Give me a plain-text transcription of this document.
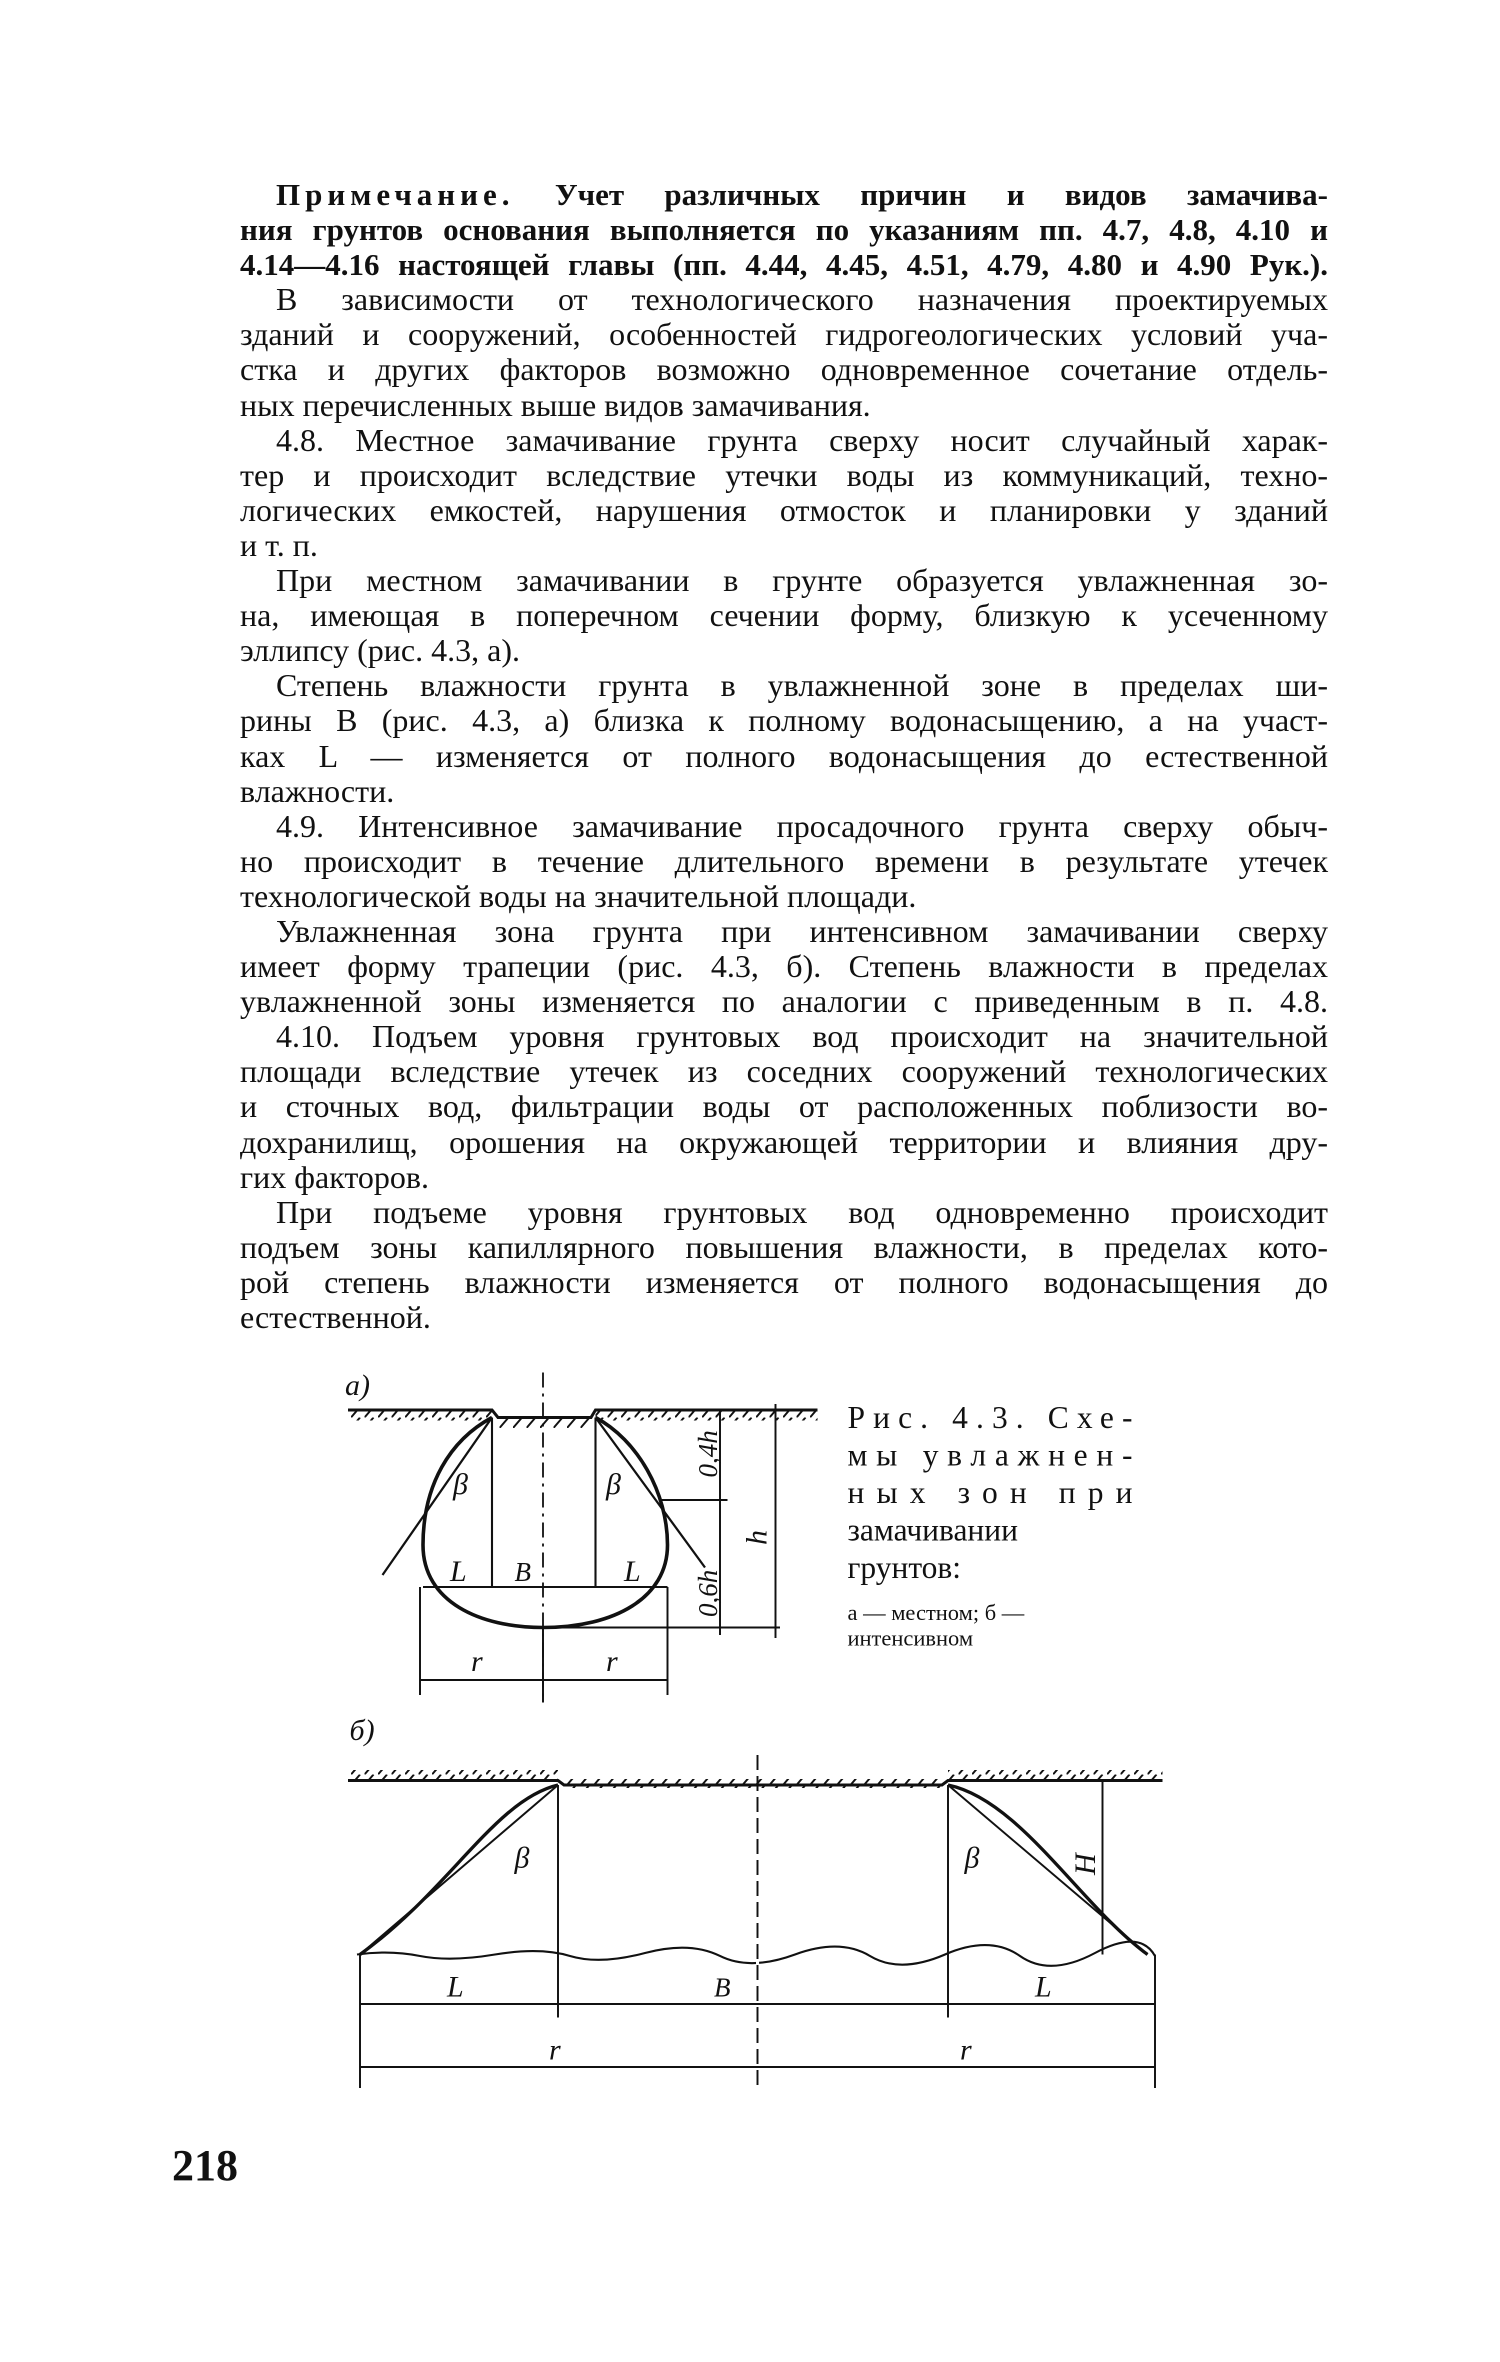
Примечание. Учет различных причин и видов замачива-
ния грунтов основания выполняется по указаниям пп. 4.7, 4.8, 4.10 и
4.14—4.16 настоящей главы (пп. 4.44, 4.45, 4.51, 4.79, 4.80 и 4.90 Рук.).
В зависимости от технологического назначения проектируемых
зданий и сооружений, особенностей гидрогеологических условий уча-
стка и других факторов возможно одновременное сочетание отдель-
ных перечисленных выше видов замачивания.
4.8. Местное замачивание грунта сверху носит случайный харак-
тер и происходит вследствие утечки воды из коммуникаций, техно-
логических емкостей, нарушения отмосток и планировки у зданий
и т. п.
При местном замачивании в грунте образуется увлажненная зо-
на, имеющая в поперечном сечении форму, близкую к усеченному
эллипсу (рис. 4.3, а).
Степень влажности грунта в увлажненной зоне в пределах ши-
рины B (рис. 4.3, а) близка к полному водонасыщению, а на участ-
ках L — изменяется от полного водонасыщения до естественной
влажности.
4.9. Интенсивное замачивание просадочного грунта сверху обыч-
но происходит в течение длительного времени в результате утечек
технологической воды на значительной площади.
Увлажненная зона грунта при интенсивном замачивании сверху
имеет форму трапеции (рис. 4.3, б). Степень влажности в пределах
увлажненной зоны изменяется по аналогии с приведенным в п. 4.8.
4.10. Подъем уровня грунтовых вод происходит на значительной
площади вследствие утечек из соседних сооружений технологических
и сточных вод, фильтрации воды от расположенных поблизости во-
дохранилищ, орошения на окружающей территории и влияния дру-
гих факторов.
При подъеме уровня грунтовых вод одновременно происходит
подъем зоны капиллярного повышения влажности, в пределах кото-
рой степень влажности изменяется от полного водонасыщения до
естественной.
а)
β	β
L	B	L
0,4h
h
0,6h
r	r
Рис. 4.3. Схе-
мы увлажнен-
ных зон при
замачивании
грунтов:
а — местном; б —
интенсивном
б)
β	β	H
L	B	L
r	r
218
